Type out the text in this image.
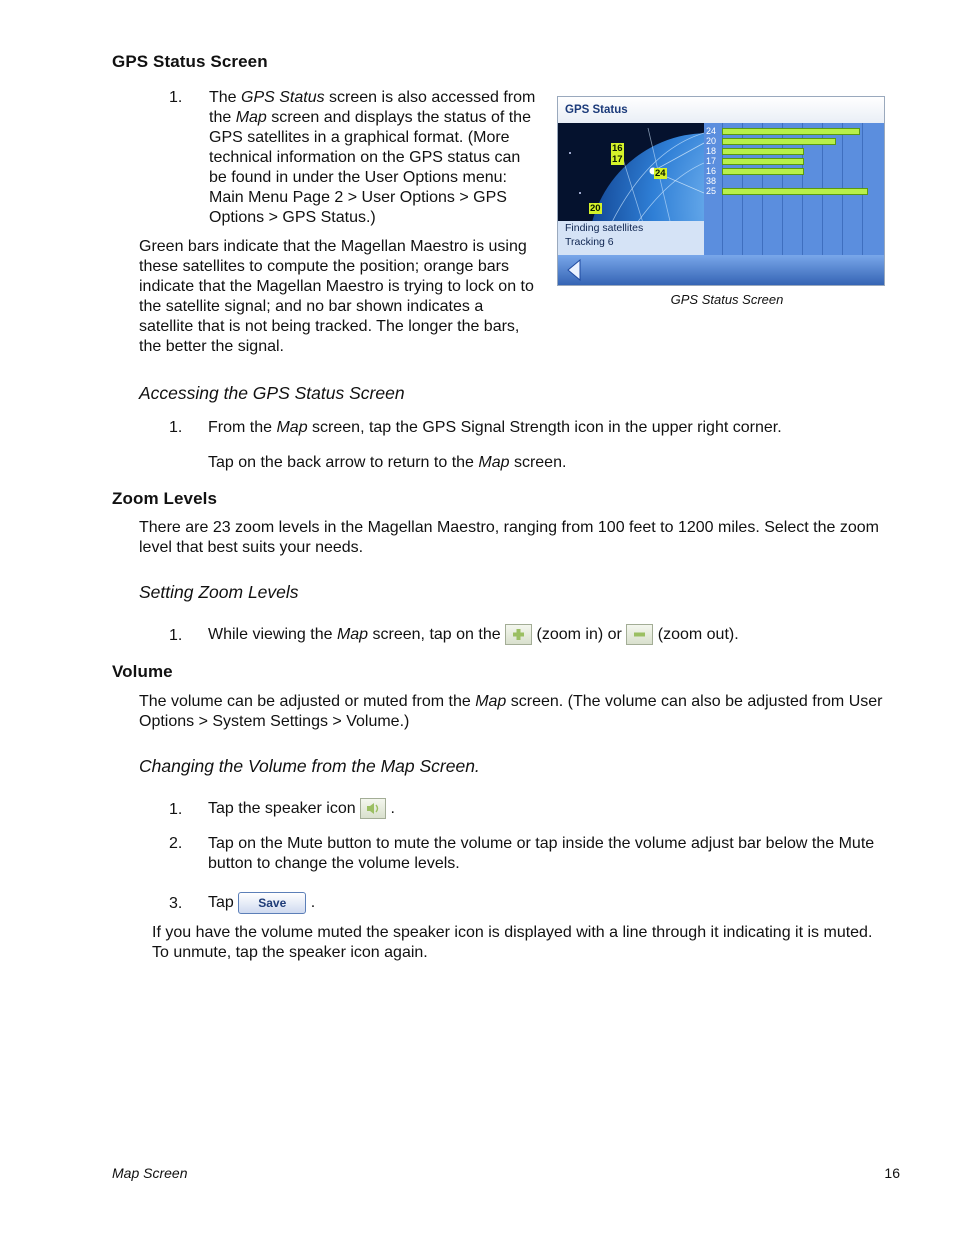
GPS Status Screen
1. The GPS Status screen is also accessed from the Map screen and displays the status of the GPS satellites in a graphical format. (More technical information on the GPS status can be found in under the User Options menu: Main Menu Page 2 > User Options > GPS Options > GPS Status.)
Green bars indicate that the Magellan Maestro is using these satellites to compute the position; orange bars indicate that the Magellan Maestro is trying to lock on to the satellite signal; and no bar shown indicates a satellite that is not being tracked. The longer the bars, the better the signal.
GPS Status
16
17
24
20
Finding satellites
Tracking 6
24
20
18
17
16
38
25
GPS Status Screen
Accessing the GPS Status Screen
1. From the Map screen, tap the GPS Signal Strength icon in the upper right corner.
Tap on the back arrow to return to the Map screen.
Zoom Levels
There are 23 zoom levels in the Magellan Maestro, ranging from 100 feet to 1200 miles. Select the zoom level that best suits your needs.
Setting Zoom Levels
1. While viewing the Map screen, tap on the  (zoom in) or  (zoom out).
Volume
The volume can be adjusted or muted from the Map screen. (The volume can also be adjusted from User Options > System Settings > Volume.)
Changing the Volume from the Map Screen.
1. Tap the speaker icon  .
2. Tap on the Mute button to mute the volume or tap inside the volume adjust bar below the Mute button to change the volume levels.
3. Tap Save .
If you have the volume muted the speaker icon is displayed with a line through it indicating it is muted. To unmute, tap the speaker icon again.
Map Screen	16
